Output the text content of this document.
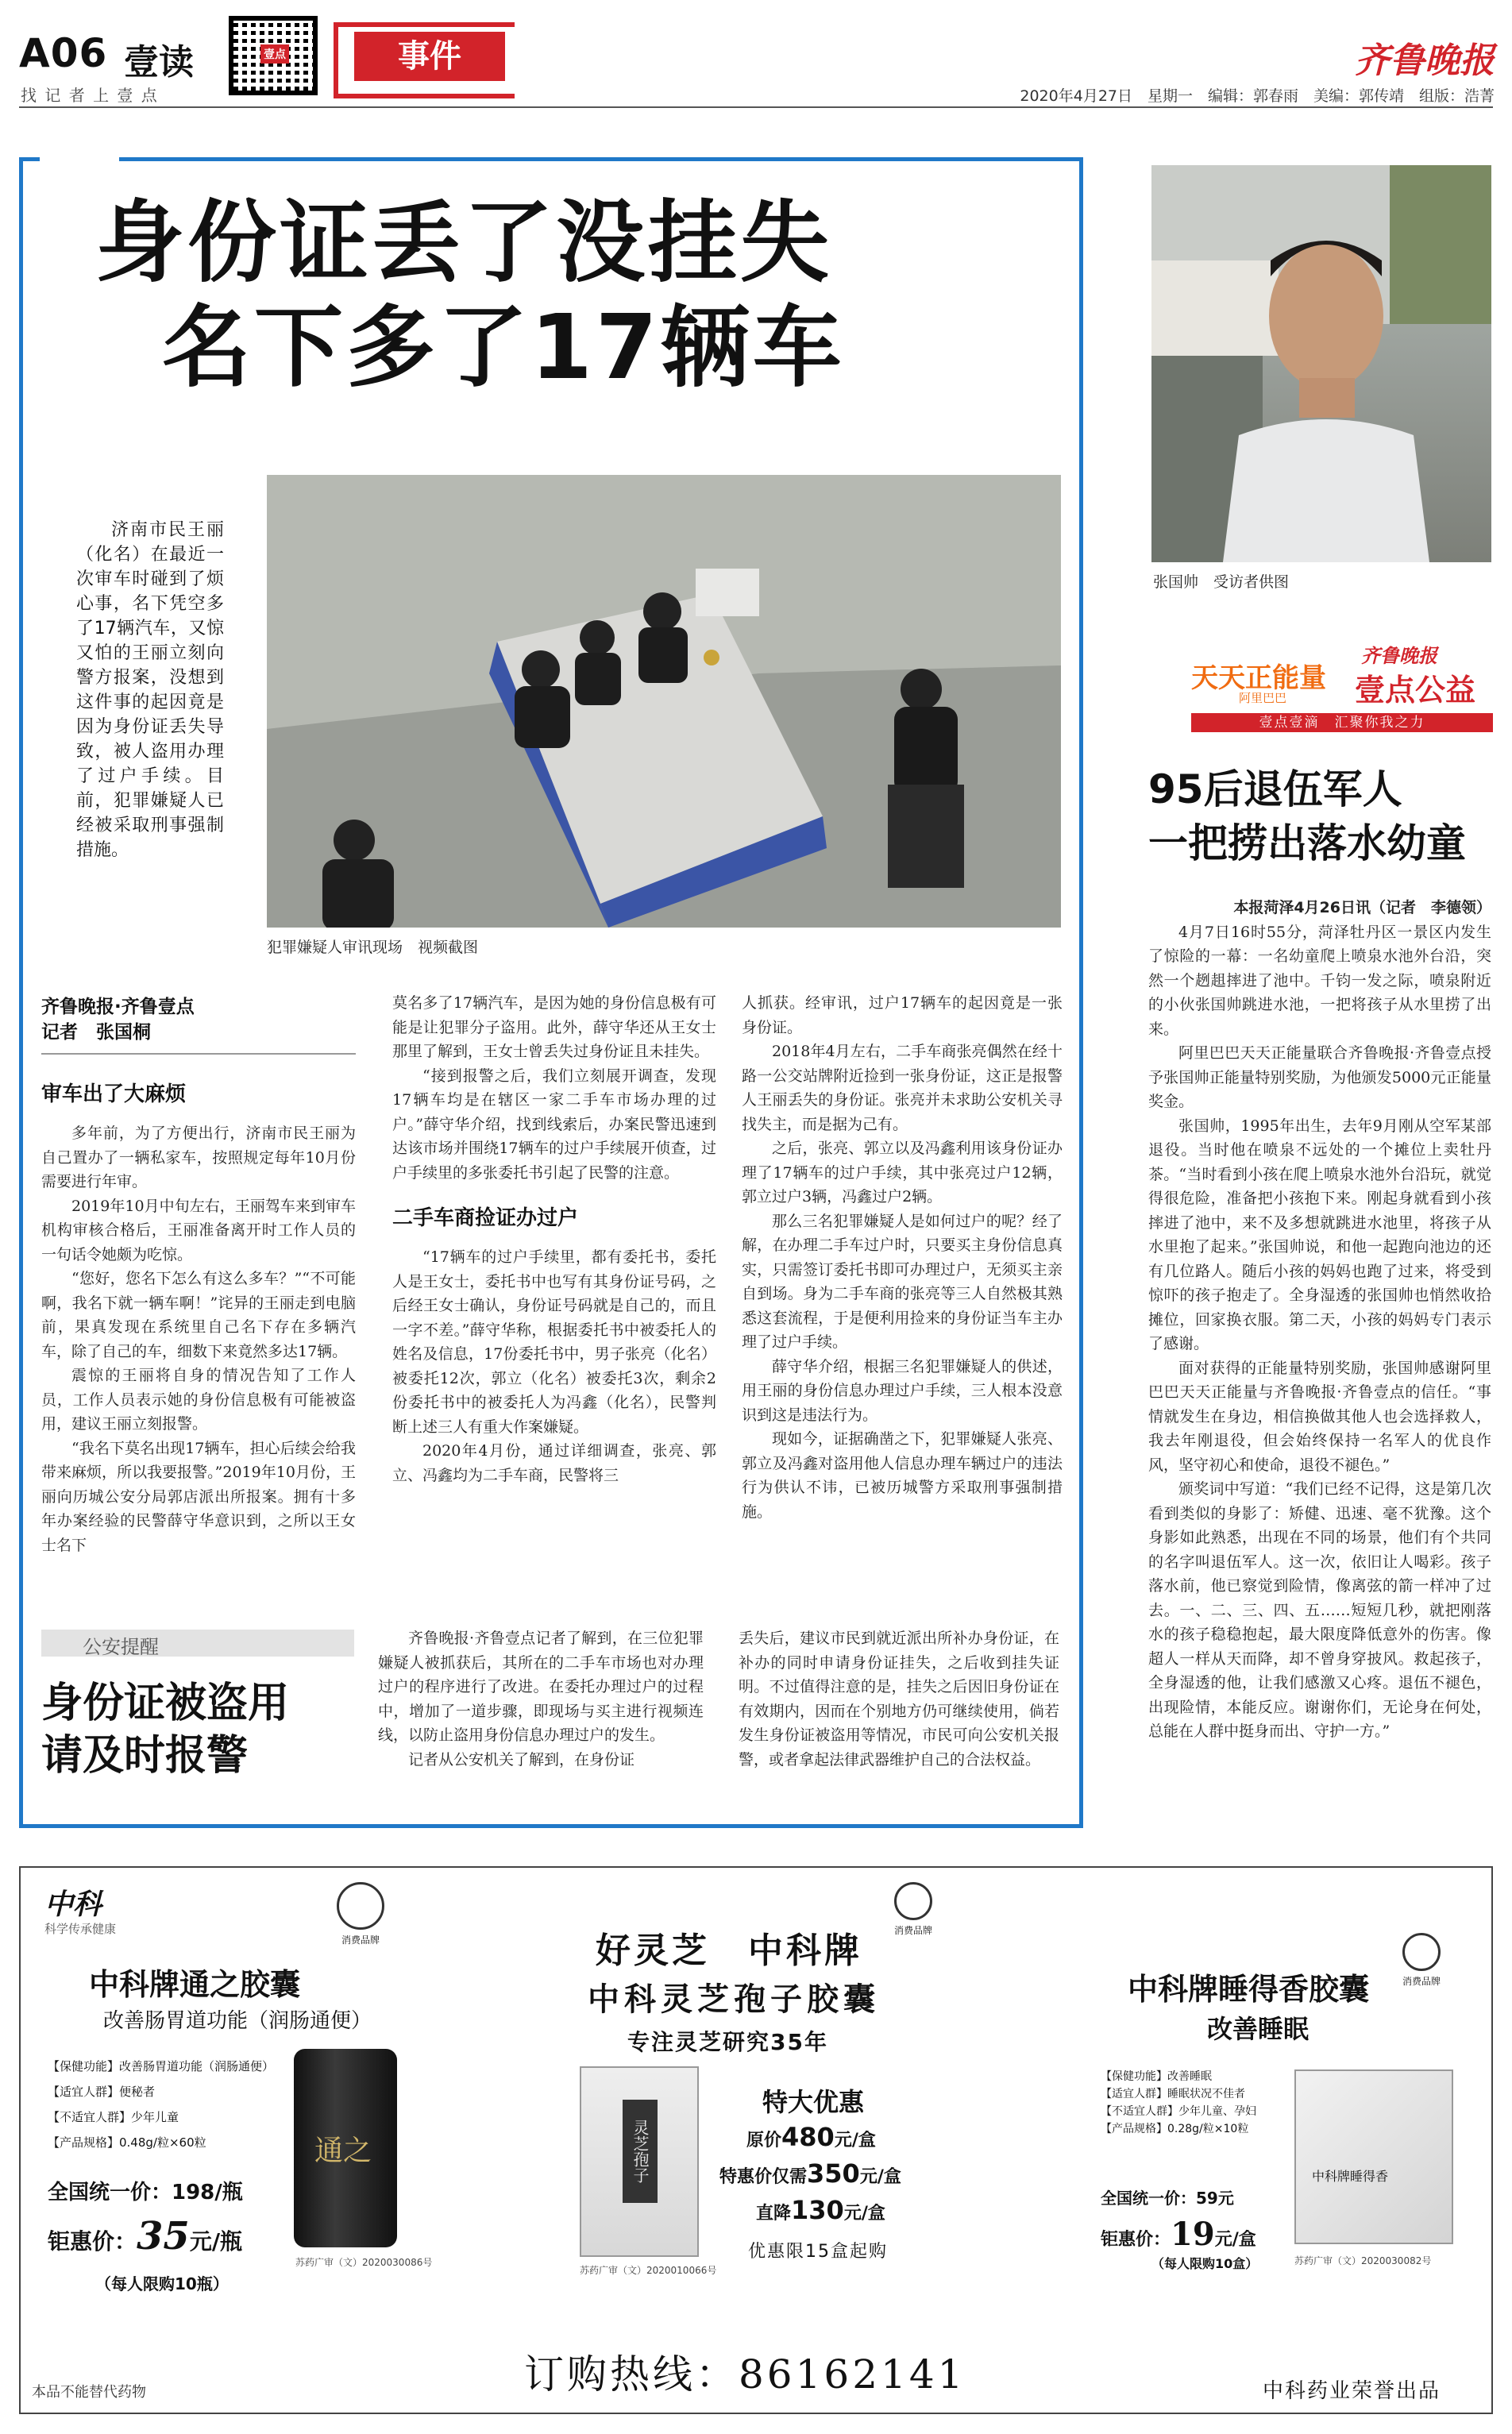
A06 壹读
找 记 者 上 壹 点
壹点	事件	齐鲁晚报
2020年4月27日　星期一　编辑：郭春雨　美编：郭传靖　组版：浩菁
身份证丢了没挂失
名下多了17辆车
犯罪嫌疑人审讯现场　视频截图
济南市民王丽（化名）在最近一次审车时碰到了烦心事，名下凭空多了17辆汽车，又惊又怕的王丽立刻向警方报案，没想到这件事的起因竟是因为身份证丢失导致，被人盗用办理了过户手续。目前，犯罪嫌疑人已经被采取刑事强制措施。
齐鲁晚报·齐鲁壹点
记者　张国桐
审车出了大麻烦

多年前，为了方便出行，济南市民王丽为自己置办了一辆私家车，按照规定每年10月份需要进行年审。

2019年10月中旬左右，王丽驾车来到审车机构审核合格后，王丽准备离开时工作人员的一句话令她颇为吃惊。

“您好，您名下怎么有这么多车？”“不可能啊，我名下就一辆车啊！”诧异的王丽走到电脑前，果真发现在系统里自己名下存在多辆汽车，除了自己的车，细数下来竟然多达17辆。

震惊的王丽将自身的情况告知了工作人员，工作人员表示她的身份信息极有可能被盗用，建议王丽立刻报警。

“我名下莫名出现17辆车，担心后续会给我带来麻烦，所以我要报警。”2019年10月份，王丽向历城公安分局郭店派出所报案。拥有十多年办案经验的民警薛守华意识到，之所以王女士名下

莫名多了17辆汽车，是因为她的身份信息极有可能是让犯罪分子盗用。此外，薛守华还从王女士那里了解到，王女士曾丢失过身份证且未挂失。

“接到报警之后，我们立刻展开调查，发现17辆车均是在辖区一家二手车市场办理的过户。”薛守华介绍，找到线索后，办案民警迅速到达该市场并围绕17辆车的过户手续展开侦查，过户手续里的多张委托书引起了民警的注意。

二手车商捡证办过户

“17辆车的过户手续里，都有委托书，委托人是王女士，委托书中也写有其身份证号码，之后经王女士确认，身份证号码就是自己的，而且一字不差。”薛守华称，根据委托书中被委托人的姓名及信息，17份委托书中，男子张亮（化名）被委托12次，郭立（化名）被委托3次，剩余2份委托书中的被委托人为冯鑫（化名），民警判断上述三人有重大作案嫌疑。

2020年4月份，通过详细调查，张亮、郭立、冯鑫均为二手车商，民警将三

人抓获。经审讯，过户17辆车的起因竟是一张身份证。

2018年4月左右，二手车商张亮偶然在经十路一公交站牌附近捡到一张身份证，这正是报警人王丽丢失的身份证。张亮并未求助公安机关寻找失主，而是据为己有。

之后，张亮、郭立以及冯鑫利用该身份证办理了17辆车的过户手续，其中张亮过户12辆，郭立过户3辆，冯鑫过户2辆。

那么三名犯罪嫌疑人是如何过户的呢？经了解，在办理二手车过户时，只要买主身份信息真实，只需签订委托书即可办理过户，无须买主亲自到场。身为二手车商的张亮等三人自然极其熟悉这套流程，于是便利用捡来的身份证当车主办理了过户手续。

薛守华介绍，根据三名犯罪嫌疑人的供述，用王丽的身份信息办理过户手续，三人根本没意识到这是违法行为。

现如今，证据确凿之下，犯罪嫌疑人张亮、郭立及冯鑫对盗用他人信息办理车辆过户的违法行为供认不讳，已被历城警方采取刑事强制措施。

公安提醒
身份证被盗用
请及时报警

齐鲁晚报·齐鲁壹点记者了解到，在三位犯罪嫌疑人被抓获后，其所在的二手车市场也对办理过户的程序进行了改进。在委托办理过户的过程中，增加了一道步骤，即现场与买主进行视频连线，以防止盗用身份信息办理过户的发生。

记者从公安机关了解到，在身份证

丢失后，建议市民到就近派出所补办身份证，在补办的同时申请身份证挂失，之后收到挂失证明。不过值得注意的是，挂失之后因旧身份证在有效期内，因而在个别地方仍可继续使用，倘若发生身份证被盗用等情况，市民可向公安机关报警，或者拿起法律武器维护自己的合法权益。

张国帅　受访者供图
天天正能量
阿里巴巴
齐鲁晚报
壹点公益
壹点壹滴　汇聚你我之力
95后退伍军人
一把捞出落水幼童

本报菏泽4月26日讯（记者　李德领）

4月7日16时55分，菏泽牡丹区一景区内发生了惊险的一幕：一名幼童爬上喷泉水池外台沿，突然一个趔趄摔进了池中。千钧一发之际，喷泉附近的小伙张国帅跳进水池，一把将孩子从水里捞了出来。

阿里巴巴天天正能量联合齐鲁晚报·齐鲁壹点授予张国帅正能量特别奖励，为他颁发5000元正能量奖金。

张国帅，1995年出生，去年9月刚从空军某部退役。当时他在喷泉不远处的一个摊位上卖牡丹茶。“当时看到小孩在爬上喷泉水池外台沿玩，就觉得很危险，准备把小孩抱下来。刚起身就看到小孩摔进了池中，来不及多想就跳进水池里，将孩子从水里抱了起来。”张国帅说，和他一起跑向池边的还有几位路人。随后小孩的妈妈也跑了过来，将受到惊吓的孩子抱走了。全身湿透的张国帅也悄然收拾摊位，回家换衣服。第二天，小孩的妈妈专门表示了感谢。

面对获得的正能量特别奖励，张国帅感谢阿里巴巴天天正能量与齐鲁晚报·齐鲁壹点的信任。“事情就发生在身边，相信换做其他人也会选择救人，我去年刚退役，但会始终保持一名军人的优良作风，坚守初心和使命，退役不褪色。”

颁奖词中写道：“我们已经不记得，这是第几次看到类似的身影了：矫健、迅速、毫不犹豫。这个身影如此熟悉，出现在不同的场景，他们有个共同的名字叫退伍军人。这一次，依旧让人喝彩。孩子落水前，他已察觉到险情，像离弦的箭一样冲了过去。一、二、三、四、五……短短几秒，就把刚落水的孩子稳稳抱起，最大限度降低意外的伤害。像超人一样从天而降，却不曾身穿披风。救起孩子，全身湿透的他，让我们感激又心疼。退伍不褪色，出现险情，本能反应。谢谢你们，无论身在何处，总能在人群中挺身而出、守护一方。”

中科
科学传承健康
消费品牌
中科牌通之胶囊
改善肠胃道功能（润肠通便）
【保健功能】改善肠胃道功能（润肠通便）
【适宜人群】便秘者
【不适宜人群】少年儿童
【产品规格】0.48g/粒×60粒	通之
全国统一价：198/瓶
钜惠价：35元/瓶
（每人限购10瓶）
苏药广审（文）2020030086号
消费品牌
好灵芝　中科牌
中科灵芝孢子胶囊
专注灵芝研究35年
灵芝孢子
特大优惠
原价480元/盒
特惠价仅需350元/盒
直降130元/盒
优惠限15盒起购
苏药广审（文）2020010066号
消费品牌
中科牌睡得香胶囊
改善睡眠
【保健功能】改善睡眠
【适宜人群】睡眠状况不佳者
【不适宜人群】少年儿童、孕妇
【产品规格】0.28g/粒×10粒
中科牌睡得香
全国统一价：59元
钜惠价：19元/盒
（每人限购10盒）	苏药广审（文）2020030082号
订购热线：86162141
本品不能替代药物	中科药业荣誉出品
